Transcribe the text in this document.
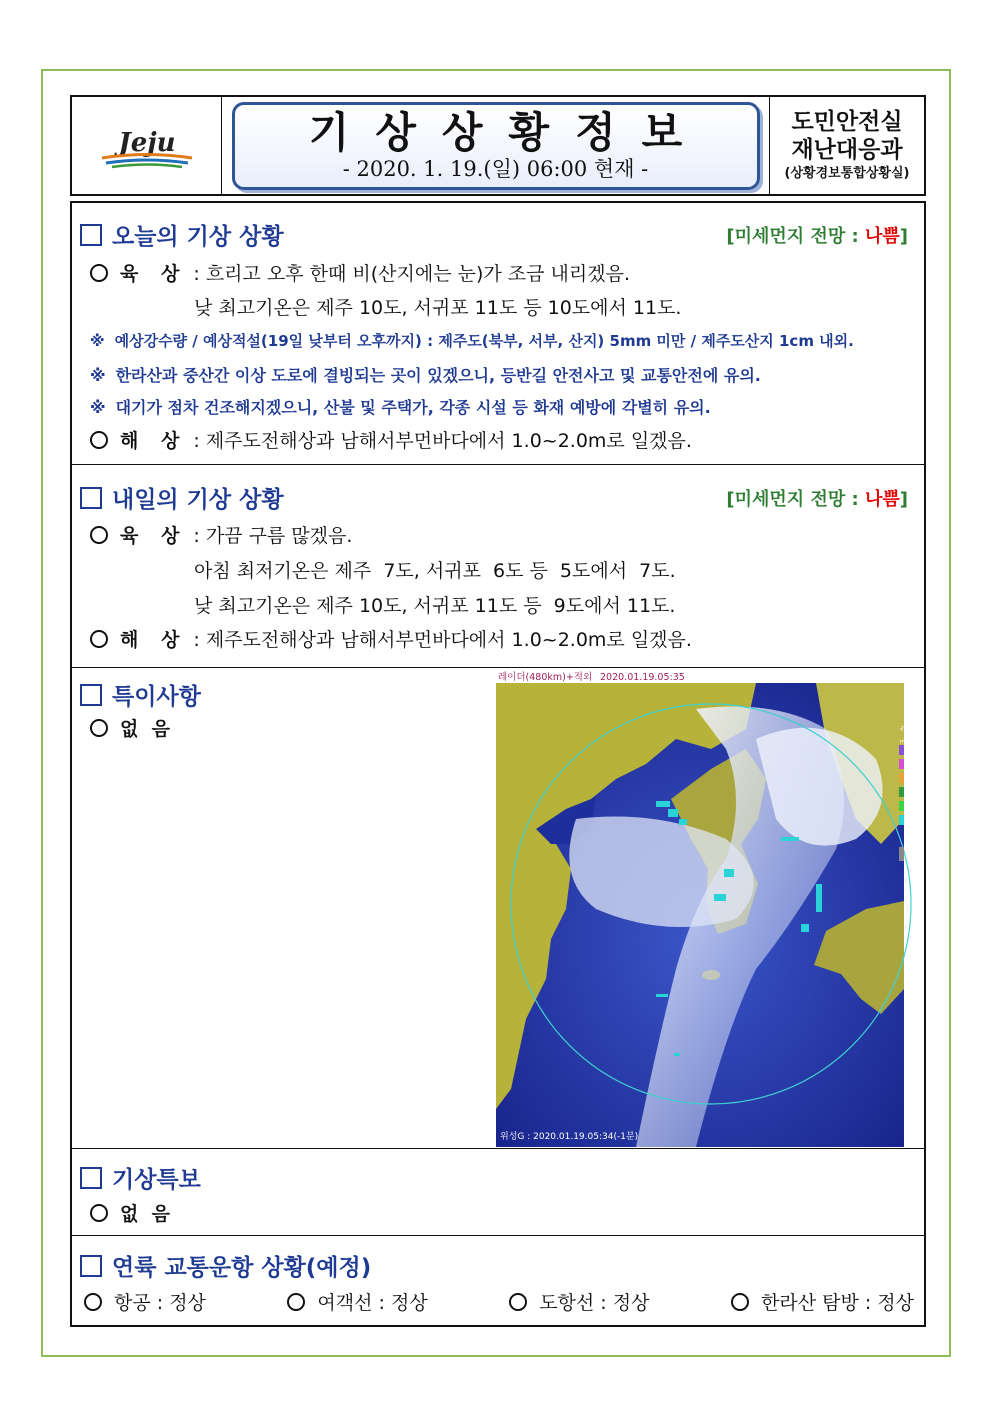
Jeju	기상상황정보
- 2020. 1. 19.(일) 06:00 현재 -
도민안전실
재난대응과
(상황경보통합상황실)
오늘의 기상 상황	[미세먼지 전망 : 나쁨]
육 상 : 흐리고 오후 한때 비(산지에는 눈)가 조금 내리겠음.
낮 최고기온은 제주 10도, 서귀포 11도 등 10도에서 11도.
※ 예상강수량 / 예상적설(19일 낮부터 오후까지) : 제주도(북부, 서부, 산지) 5mm 미만 / 제주도산지 1cm 내외.
※ 한라산과 중산간 이상 도로에 결빙되는 곳이 있겠으니, 등반길 안전사고 및 교통안전에 유의.
※ 대기가 점차 건조해지겠으니, 산불 및 주택가, 각종 시설 등 화재 예방에 각별히 유의.
해 상 : 제주도전해상과 남해서부먼바다에서 1.0~2.0m로 일겠음.
내일의 기상 상황	[미세먼지 전망 : 나쁨]
육 상 : 가끔 구름 많겠음.
아침 최저기온은 제주  7도, 서귀포  6도 등  5도에서  7도.
낮 최고기온은 제주 10도, 서귀포 11도 등  9도에서 11도.
해 상 : 제주도전해상과 남해서부먼바다에서 1.0~2.0m로 일겠음.
특이사항
없  음
레이더(480km)+적외 2020.01.19.05:35
레이더
mm/h
60
30
10
5
2
1
낙뢰
위성G : 2020.01.19.05:34(-1분)
기상특보
없  음
연륙 교통운항 상황(예정)
항공 : 정상	여객선 : 정상	도항선 : 정상	한라산 탐방 : 정상
